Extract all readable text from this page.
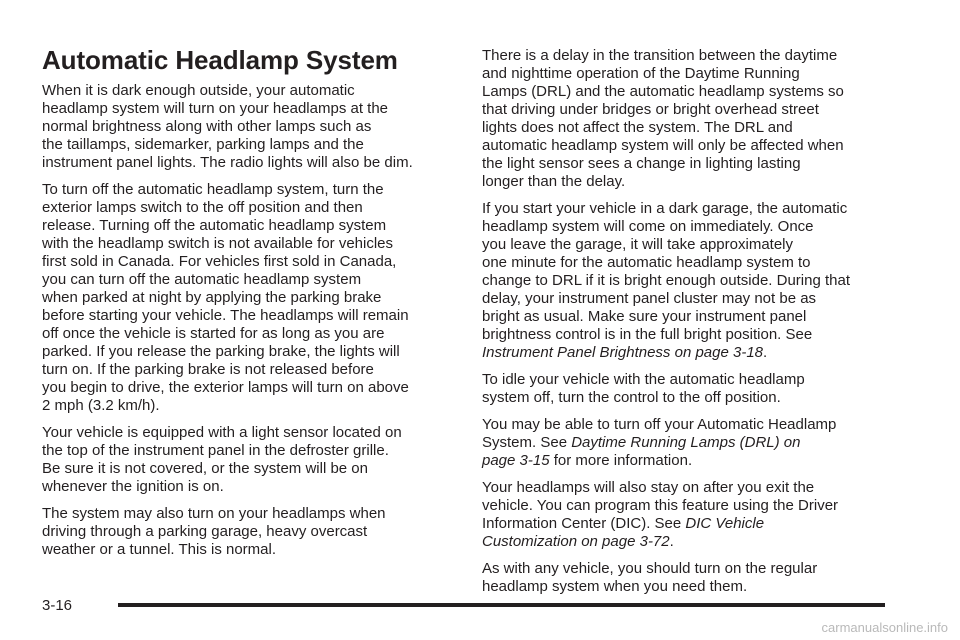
Automatic Headlamp System

When it is dark enough outside, your automatic
headlamp system will turn on your headlamps at the
normal brightness along with other lamps such as
the taillamps, sidemarker, parking lamps and the
instrument panel lights. The radio lights will also be dim.

To turn off the automatic headlamp system, turn the
exterior lamps switch to the off position and then
release. Turning off the automatic headlamp system
with the headlamp switch is not available for vehicles
first sold in Canada. For vehicles first sold in Canada,
you can turn off the automatic headlamp system
when parked at night by applying the parking brake
before starting your vehicle. The headlamps will remain
off once the vehicle is started for as long as you are
parked. If you release the parking brake, the lights will
turn on. If the parking brake is not released before
you begin to drive, the exterior lamps will turn on above
2 mph (3.2 km/h).

Your vehicle is equipped with a light sensor located on
the top of the instrument panel in the defroster grille.
Be sure it is not covered, or the system will be on
whenever the ignition is on.

The system may also turn on your headlamps when
driving through a parking garage, heavy overcast
weather or a tunnel. This is normal.

There is a delay in the transition between the daytime
and nighttime operation of the Daytime Running
Lamps (DRL) and the automatic headlamp systems so
that driving under bridges or bright overhead street
lights does not affect the system. The DRL and
automatic headlamp system will only be affected when
the light sensor sees a change in lighting lasting
longer than the delay.

If you start your vehicle in a dark garage, the automatic
headlamp system will come on immediately. Once
you leave the garage, it will take approximately
one minute for the automatic headlamp system to
change to DRL if it is bright enough outside. During that
delay, your instrument panel cluster may not be as
bright as usual. Make sure your instrument panel
brightness control is in the full bright position. See
Instrument Panel Brightness on page 3-18.

To idle your vehicle with the automatic headlamp
system off, turn the control to the off position.

You may be able to turn off your Automatic Headlamp
System. See Daytime Running Lamps (DRL) on
page 3-15 for more information.

Your headlamps will also stay on after you exit the
vehicle. You can program this feature using the Driver
Information Center (DIC). See DIC Vehicle
Customization on page 3-72.

As with any vehicle, you should turn on the regular
headlamp system when you need them.

3-16
carmanualsonline.info
